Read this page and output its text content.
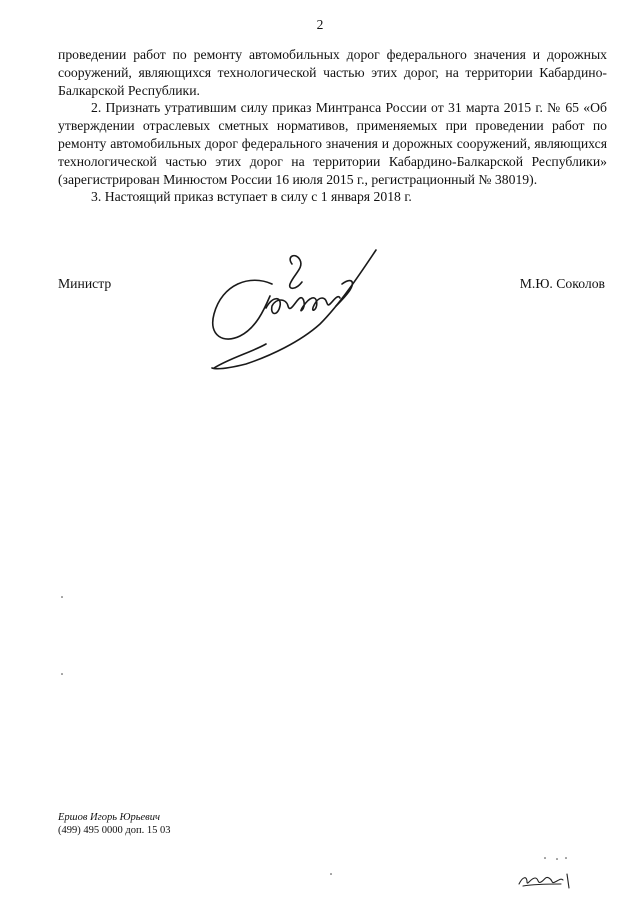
2

проведении работ по ремонту автомобильных дорог федерального значения и дорожных сооружений, являющихся технологической частью этих дорог, на территории Кабардино-Балкарской Республики.

2. Признать утратившим силу приказ Минтранса России от 31 марта 2015 г. № 65 «Об утверждении отраслевых сметных нормативов, применяемых при проведении работ по ремонту автомобильных дорог федерального значения и дорожных сооружений, являющихся технологической частью этих дорог на территории Кабардино-Балкарской Республики» (зарегистрирован Минюстом России 16 июля 2015 г., регистрационный № 38019).

3. Настоящий приказ вступает в силу с 1 января 2018 г.

Министр	М.Ю. Соколов
Ершов Игорь Юрьевич
(499) 495 0000 доп. 15 03
